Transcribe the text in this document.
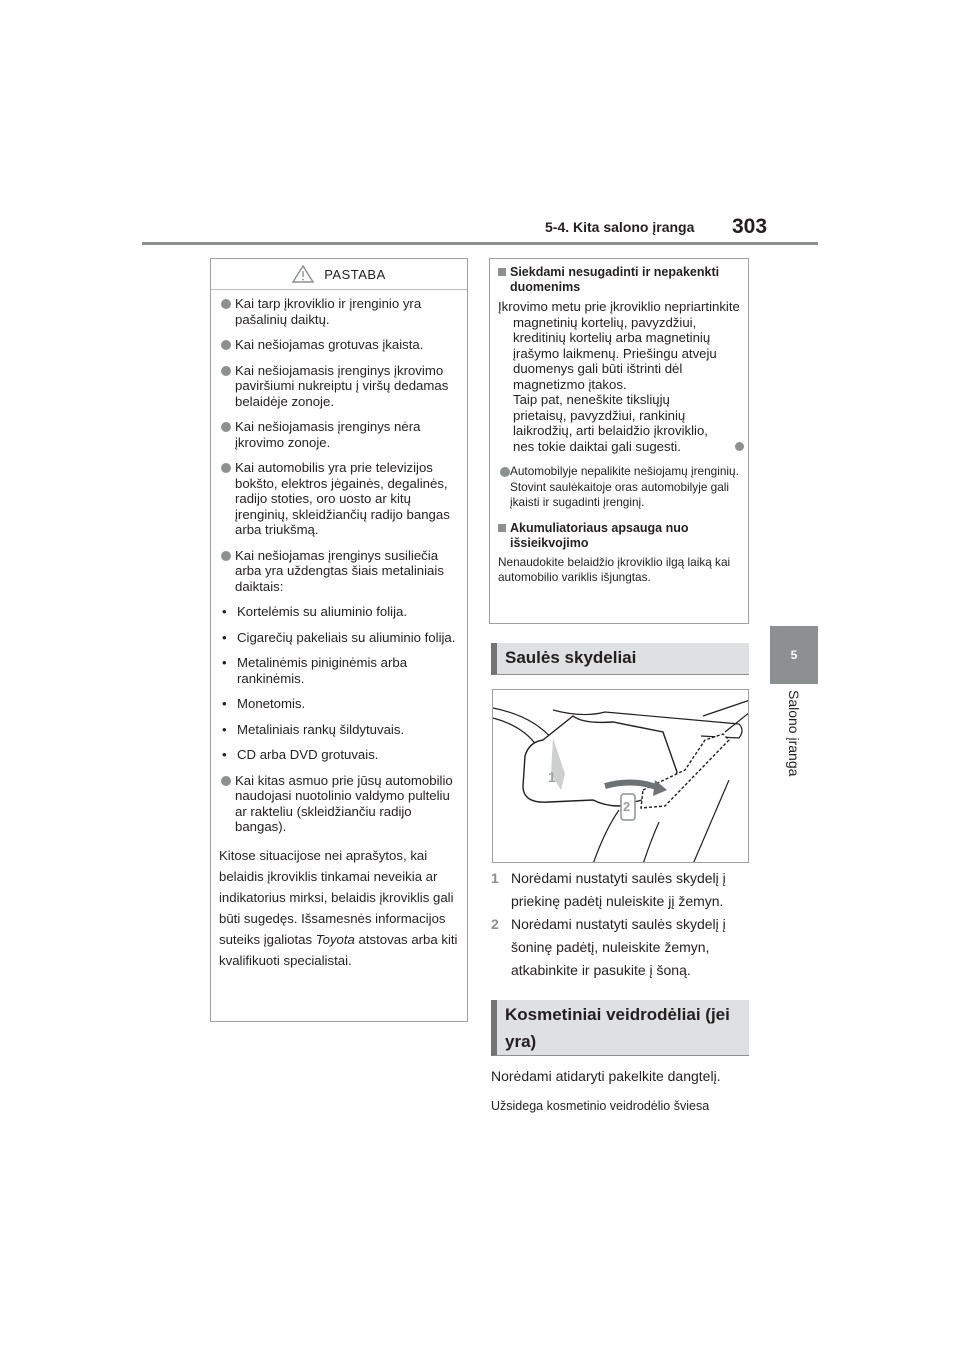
5-4. Kita salono įranga 303
5
Salono įranga
PASTABA
Kai tarp įkroviklio ir įrenginio yra pašalinių daiktų.
Kai nešiojamas grotuvas įkaista.
Kai nešiojamasis įrenginys įkrovimo paviršiumi nukreiptu į viršų dedamas belaidėje zonoje.
Kai nešiojamasis įrenginys nėra įkrovimo zonoje.
Kai automobilis yra prie televizijos bokšto, elektros jėgainės, degalinės, radijo stoties, oro uosto ar kitų įrenginių, skleidžiančių radijo bangas arba triukšmą.
Kai nešiojamas įrenginys susiliečia arba yra uždengtas šiais metaliniais daiktais:
• Kortelėmis su aliuminio folija.
• Cigarečių pakeliais su aliuminio folija.
• Metalinėmis piniginėmis arba rankinėmis.
• Monetomis.
• Metaliniais rankų šildytuvais.
• CD arba DVD grotuvais.
Kai kitas asmuo prie jūsų automobilio naudojasi nuotolinio valdymo pulteliu ar rakteliu (skleidžiančiu radijo bangas).
Kitose situacijose nei aprašytos, kai belaidis įkroviklis tinkamai neveikia ar indikatorius mirksi, belaidis įkroviklis gali būti sugedęs. Išsamesnės informacijos suteiks įgaliotas Toyota atstovas arba kiti kvalifikuoti specialistai.
Siekdami nesugadinti ir nepakenkti duomenims
Įkrovimo metu prie įkroviklio nepriartinkite magnetinių kortelių, pavyzdžiui, kreditinių kortelių arba magnetinių įrašymo laikmenų. Priešingu atveju duomenys gali būti ištrinti dėl magnetizmo įtakos.
Taip pat, neneškite tiksliųjų prietaisų, pavyzdžiui, rankinių laikrodžių, arti belaidžio įkroviklio, nes tokie daiktai gali sugesti.
Automobilyje nepalikite nešiojamų įrenginių. Stovint saulėkaitoje oras automobilyje gali įkaisti ir sugadinti įrenginį.
Akumuliatoriaus apsauga nuo išsieikvojimo
Nenaudokite belaidžio įkroviklio ilgą laiką kai automobilio variklis išjungtas.
Saulės skydeliai
1
2
1 Norėdami nustatyti saulės skydelį į priekinę padėtį nuleiskite jį žemyn.
2 Norėdami nustatyti saulės skydelį į šoninę padėtį, nuleiskite žemyn, atkabinkite ir pasukite į šoną.
Kosmetiniai veidrodėliai (jei yra)
Norėdami atidaryti pakelkite dangtelį.
Užsidega kosmetinio veidrodėlio šviesa
